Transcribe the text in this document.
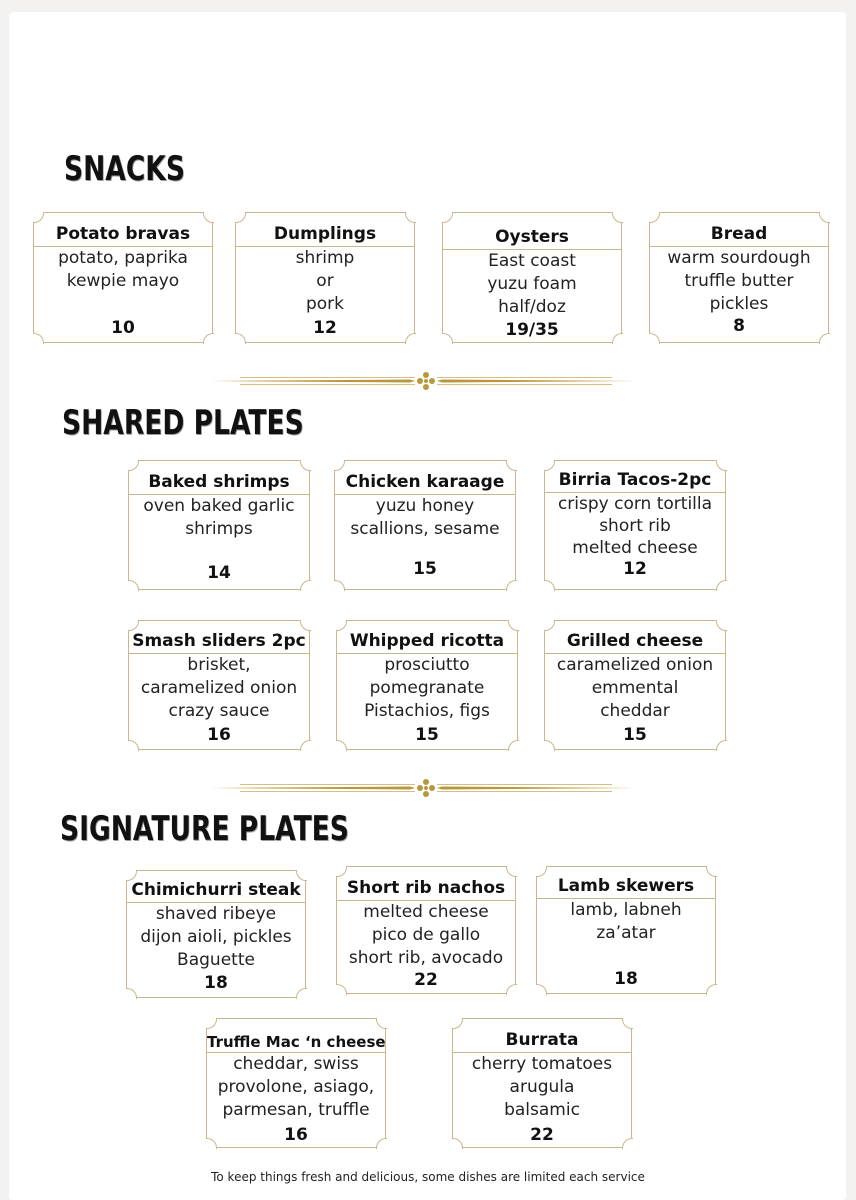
SNACKS
Potato bravas
potato, paprika
kewpie mayo
10
Dumplings
shrimp
or
pork
12
Oysters
East coast
yuzu foam
half/doz
19/35
Bread
warm sourdough
truffle butter
pickles
8
SHARED PLATES
Baked shrimps
oven baked garlic
shrimps
14
Chicken karaage
yuzu honey
scallions, sesame
15
Birria Tacos-2pc
crispy corn tortilla
short rib
melted cheese
12
Smash sliders 2pc
brisket,
caramelized onion
crazy sauce
16
Whipped ricotta
prosciutto
pomegranate
Pistachios, figs
15
Grilled cheese
caramelized onion
emmental
cheddar
15
SIGNATURE PLATES
Chimichurri steak
shaved ribeye
dijon aioli, pickles
Baguette
18
Short rib nachos
melted cheese
pico de gallo
short rib, avocado
22
Lamb skewers
lamb, labneh
za’atar
18
Truffle Mac ‘n cheese
cheddar, swiss
provolone, asiago,
parmesan, truffle
16
Burrata
cherry tomatoes
arugula
balsamic
22
To keep things fresh and delicious, some dishes are limited each service
